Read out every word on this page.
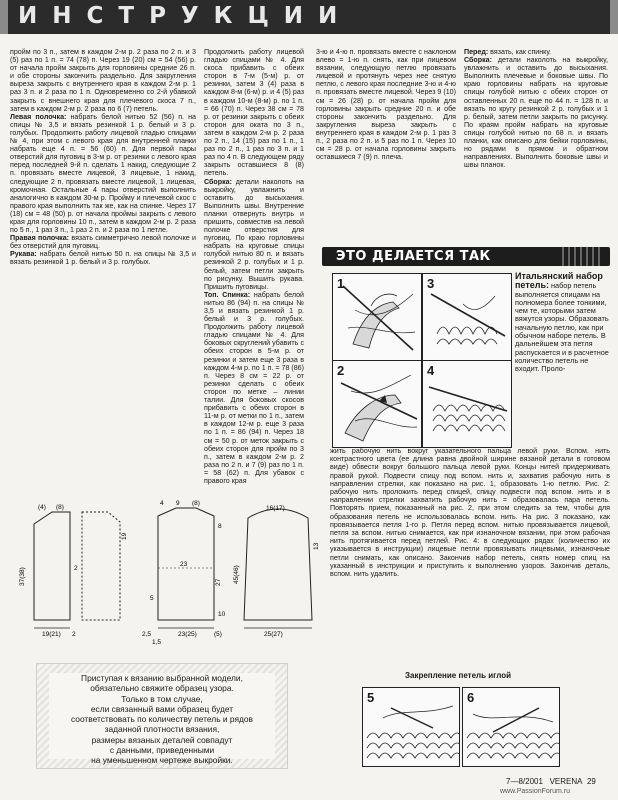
ИНСТРУКЦИИ

пройм по 3 п., затем в каждом 2-м р. 2 раза по 2 п. и 3 (5) раз по 1 п. = 74 (78) п. Через 19 (20) см = 54 (56) р. от начала пройм закрыть для горловины средние 26 п. и обе стороны закончить раздельно. Для закругления выреза закрыть с внутреннего края в каждом 2-м р. 1 раз 3 п. и 2 раза по 1 п. Одновременно со 2-й убавкой закрыть с внешнего края для плечевого скоса 7 п., затем в каждом 2-м р. 2 раза по 6 (7) петель.

Левая полочка: набрать белой нитью 52 (56) п. на спицы № 3,5 и вязать резинкой 1 р. белый и 3 р. голубых. Продолжить работу лицевой гладью спицами № 4, при этом с левого края для внутренней планки набрать еще 4 п. = 56 (60) п. Для первой пары отверстий для пуговиц в 3-м р. от резинки с левого края перед последней 9-й п. сделать 1 накид, следующие 2 п. провязать вместе лицевой, 3 лицевые, 1 накид, следующие 2 п. провязать вместе лицевой, 1 лицевая, кромочная. Остальные 4 пары отверстий выполнить аналогично в каждом 30-м р. Пройму и плечевой скос с правого края выполнить так же, как на спинке. Через 17 (18) см = 48 (50) р. от начала проймы закрыть с левого края для горловины 10 п., затем в каждом 2-м р. 2 раза по 5 п., 1 раз 3 п., 1 раз 2 п. и 2 раза по 1 петле.

Правая полочка: вязать симметрично левой полочке и без отверстий для пуговиц.

Рукава: набрать белой нитью 50 п. на спицы № 3,5 и вязать резинкой 1 р. белый и 3 р. голубых.

Продолжить работу лицевой гладью спицами № 4. Для скоса прибавить с обеих сторон в 7-м (5-м) р. от резинки, затем 3 (4) раза в каждом 8-м (6-м) р. и 4 (5) раз в каждом 10-м (8-м) р. по 1 п. = 66 (70) п. Через 38 см = 78 р. от резинки закрыть с обеих сторон для оката по 3 п., затем в каждом 2-м р. 2 раза по 2 п., 14 (15) раз по 1 п., 1 раз по 2 п., 1 раз по 3 п. и 1 раз по 4 п. В следующем ряду закрыть оставшиеся 8 (8) петель.

Сборка: детали наколоть на выкройку, увлажнить и оставить до высыхания. Выполнить швы. Внутренние планки отвернуть внутрь и пришить, совместив на левой полочке отверстия для пуговиц. По краю горловины набрать на круговые спицы голубой нитью 80 п. и вязать резинкой 2 р. голубых и 1 р. белый, затем петли закрыть по рисунку. Вышить рукава. Пришить пуговицы.

Топ. Спинка: набрать белой нитью 86 (94) п. на спицы № 3,5 и вязать резинкой 1 р. белый и 3 р. голубых. Продолжить работу лицевой гладью спицами № 4. Для боковых скруглений убавить с обеих сторон в 5-м р. от резинки и затем еще 3 раза в каждом 4-м р. по 1 п. = 78 (86) п. Через 8 см = 22 р. от резинки сделать с обеих сторон по метке – линии талии. Для боковых скосов прибавить с обеих сторон в 11-м р. от метки по 1 п., затем в каждом 12-м р. еще 3 раза по 1 п. = 86 (94) п. Через 18 см = 50 р. от меток закрыть с обеих сторон для пройм по 3 п., затем в каждом 2-м р. 2 раза по 2 п. и 7 (9) раз по 1 п. = 58 (62) п. Для убавок с правого края

3-ю и 4-ю п. провязать вместе с наклоном влево = 1-ю п. снять, как при лицевом вязании, следующую петлю провязать лицевой и протянуть через нее снятую петлю, с левого края последние 3-ю и 4-ю п. провязать вместе лицевой. Через 9 (10) см = 26 (28) р. от начала пройм для горловины закрыть средние 20 п. и обе стороны закончить раздельно. Для закругления выреза закрыть с внутреннего края в каждом 2-м р. 1 раз 3 п., 2 раза по 2 п. и 5 раз по 1 п. Через 10 см = 28 р. от начала горловины закрыть оставшиеся 7 (9) п. плеча.

Перед: вязать, как спинку.

Сборка: детали наколоть на выкройку, увлажнить и оставить до высыхания. Выполнить плечевые и боковые швы. По краю горловины набрать на круговые спицы голубой нитью с обеих сторон от оставленных 20 п. еще по 44 п. = 128 п. и вязать по кругу резинкой 2 р. голубых и 1 р. белый, затем петли закрыть по рисунку. По краям пройм набрать на круговые спицы голубой нитью по 68 п. и вязать планки, как описано для бейки горловины, но рядами в прямом и обратном направлениях. Выполнить боковые швы и швы планок.

ЭТО ДЕЛАЕТСЯ ТАК
1
2
3
4
Итальянский набор петель: набор петель выполняется спицами на полномера более тонкими, чем те, которыми затем вяжутся узоры. Образовать начальную петлю, как при обычном наборе петель. В дальнейшем эта петля распускается и в расчетное количество петель не входит. Проло-
жить рабочую нить вокруг указательного пальца левой руки. Вспом. нить контрастного цвета (ее длина равна двойной ширине вязаной детали в готовом виде) обвести вокруг большого пальца левой руки. Концы нитей придерживать правой рукой. Подвести спицу под вспом. нить и, захватив рабочую нить в направлении стрелки, как показано на рис. 1, образовать 1-ю петлю. Рис. 2: рабочую нить проложить перед спицей, спицу подвести под вспом. нить и в направлении стрелки захватить рабочую нить = образовалась пара петель. Повторять прием, показанный на рис. 2, при этом следить за тем, чтобы для образования петель не использовалась вспом. нить. На рис. 3 показано, как провязывается петля 1-го р. Петля перед вспом. нитью провязывается лицевой, петля за вспом. нитью снимается, как при изнаночном вязании, при этом рабочая нить протягивается перед петлей. Рис. 4: в следующих рядах (количество их указывается в инструкции) лицевые петли провязывать лицевыми, изнаночные петли снимать, как описано. Закончив набор петель, снять номер спиц на указанный в инструкции и приступить к выполнению узоров. Закончив деталь, вспом. нить удалить.
Закрепление петель иглой
5	6
(4) (8)
37(38)
19
2
19(21) 2
4 9 (8)
8
27
10
23
5
2,5
1,5
23(25)	(5)
16(17)
45(46)
13
25(27)
Приступая к вязанию выбранной модели,
обязательно свяжите образец узора.
Только в том случае,
если связанный вами образец будет
соответствовать по количеству петель и рядов
заданной плотности вязания,
размеры вязаных деталей совпадут
с данными, приведенными
на уменьшенном чертеже выкройки.
7—8/2001 VERENA 29
www.PassionForum.ru
